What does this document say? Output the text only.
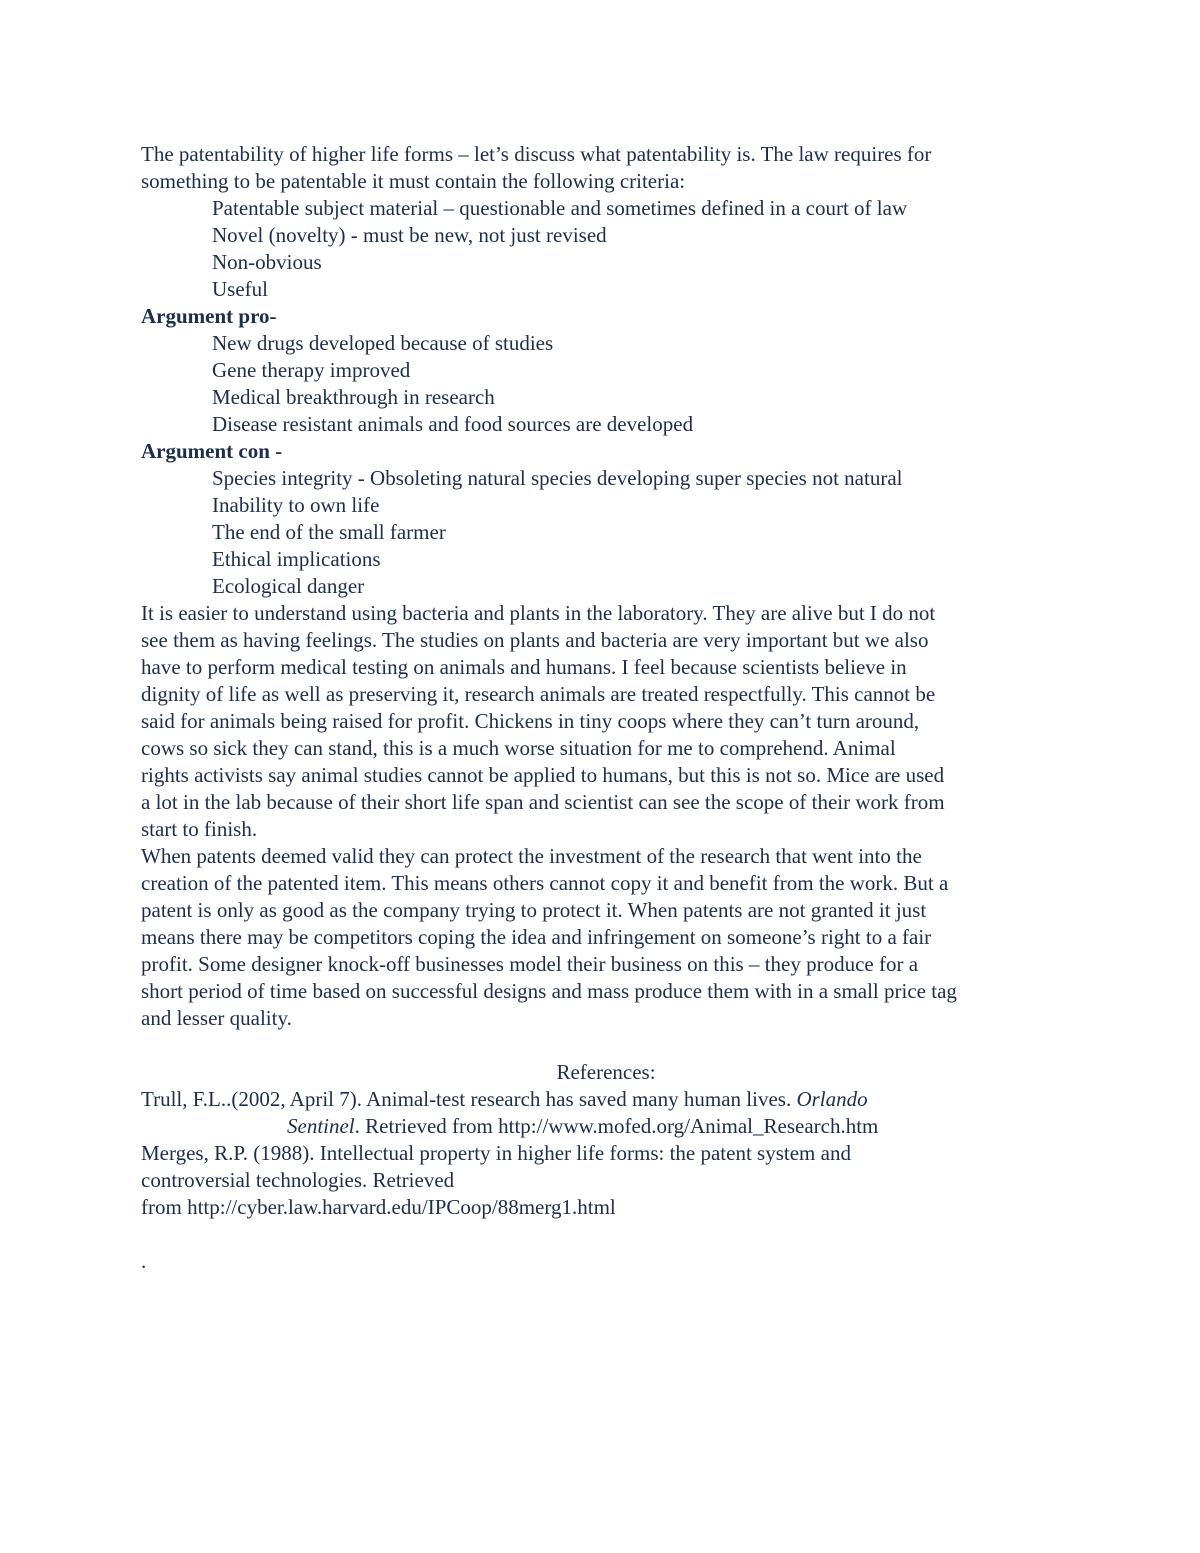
The patentability of higher life forms – let’s discuss what patentability is. The law requires for

something to be patentable it must contain the following criteria:

Patentable subject material – questionable and sometimes defined in a court of law

Novel (novelty) - must be new, not just revised

Non-obvious

Useful

Argument pro-

New drugs developed because of studies

Gene therapy improved

Medical breakthrough in research

Disease resistant animals and food sources are developed

Argument con -

Species integrity - Obsoleting natural species developing super species not natural

Inability to own life

The end of the small farmer

Ethical implications

Ecological danger

It is easier to understand using bacteria and plants in the laboratory. They are alive but I do not

see them as having feelings. The studies on plants and bacteria are very important but we also

have to perform medical testing on animals and humans. I feel because scientists believe in

dignity of life as well as preserving it, research animals are treated respectfully. This cannot be

said for animals being raised for profit. Chickens in tiny coops where they can’t turn around,

cows so sick they can stand, this is a much worse situation for me to comprehend. Animal

rights activists say animal studies cannot be applied to humans, but this is not so. Mice are used

a lot in the lab because of their short life span and scientist can see the scope of their work from

start to finish.

When patents deemed valid they can protect the investment of the research that went into the

creation of the patented item. This means others cannot copy it and benefit from the work. But a

patent is only as good as the company trying to protect it. When patents are not granted it just

means there may be competitors coping the idea and infringement on someone’s right to a fair

profit. Some designer knock-off businesses model their business on this – they produce for a

short period of time based on successful designs and mass produce them with in a small price tag

and lesser quality.

References:

Trull, F.L..(2002, April 7). Animal-test research has saved many human lives. Orlando

Sentinel. Retrieved from http://www.mofed.org/Animal_Research.htm

Merges, R.P. (1988). Intellectual property in higher life forms: the patent system and

controversial technologies. Retrieved

from http://cyber.law.harvard.edu/IPCoop/88merg1.html

.
